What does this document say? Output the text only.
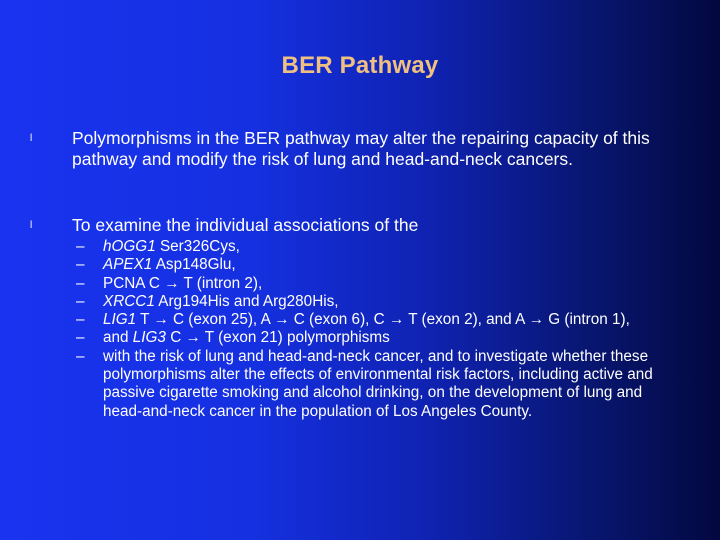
BER Pathway
l Polymorphisms in the BER pathway may alter the repairing capacity of this pathway and modify the risk of lung and head-and-neck cancers.
l To examine the individual associations of the
– hOGG1 Ser326Cys,
– APEX1 Asp148Glu,
– PCNA C → T (intron 2),
– XRCC1 Arg194His and Arg280His,
– LIG1 T → C (exon 25), A → C (exon 6), C → T (exon 2), and A → G (intron 1),
– and LIG3 C → T (exon 21) polymorphisms
– with the risk of lung and head-and-neck cancer, and to investigate whether these polymorphisms alter the effects of environmental risk factors, including active and passive cigarette smoking and alcohol drinking, on the development of lung and head-and-neck cancer in the population of Los Angeles County.
